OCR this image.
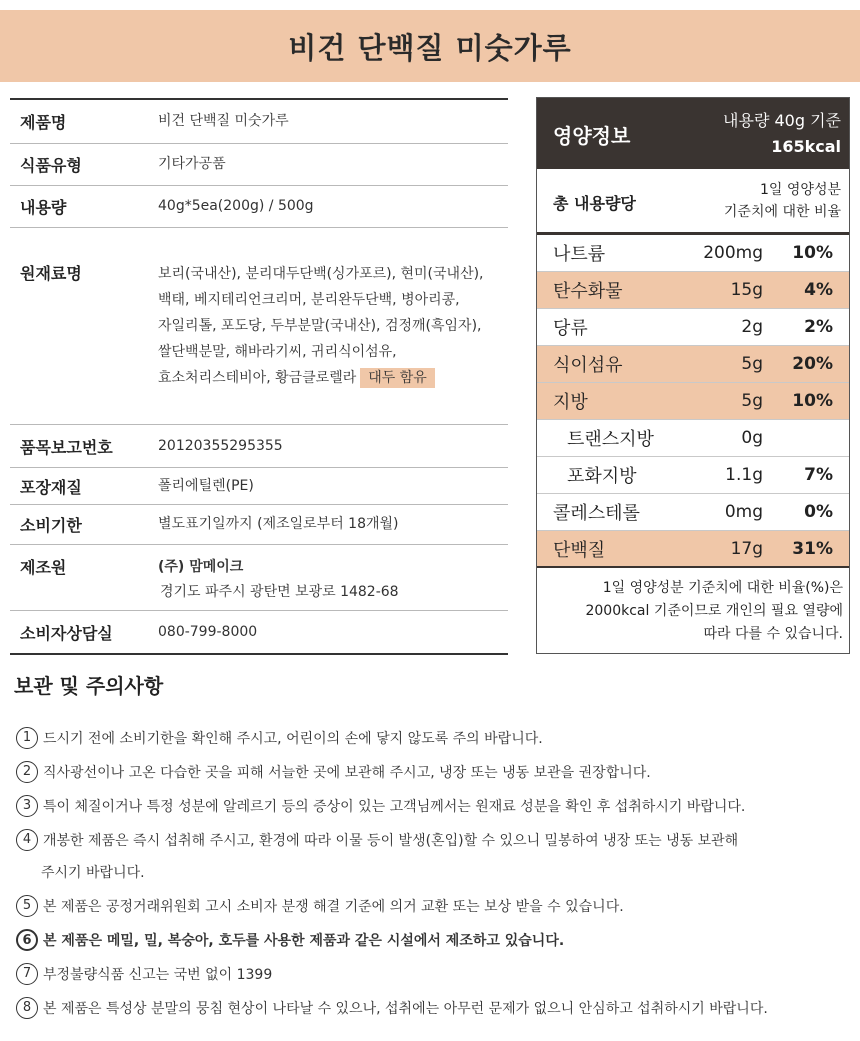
비건 단백질 미숫가루
제품명	비건 단백질 미숫가루
식품유형	기타가공품
내용량	40g*5ea(200g) / 500g
원재료명	보리(국내산), 분리대두단백(싱가포르), 현미(국내산),
백태, 베지테리언크리머, 분리완두단백, 병아리콩,
자일리톨, 포도당, 두부분말(국내산), 검정깨(흑임자),
쌀단백분말, 해바라기씨, 귀리식이섬유,
효소처리스테비아, 황금클로렐라 대두 함유
품목보고번호	20120355295355
포장재질	폴리에틸렌(PE)
소비기한	별도표기일까지 (제조일로부터 18개월)
제조원	(주) 맘메이크
경기도 파주시 광탄면 보광로 1482-68
소비자상담실	080-799-8000
영양정보
내용량 40g 기준
165kcal
총 내용량당
1일 영양성분
기준치에 대한 비율
나트륨	200mg	10%
탄수화물	15g	4%
당류	2g	2%
식이섬유	5g	20%
지방	5g	10%
트랜스지방	0g
포화지방	1.1g	7%
콜레스테롤	0mg	0%
단백질	17g	31%
1일 영양성분 기준치에 대한 비율(%)은
2000kcal 기준이므로 개인의 필요 열량에
따라 다를 수 있습니다.
보관 및 주의사항
1 드시기 전에 소비기한을 확인해 주시고, 어린이의 손에 닿지 않도록 주의 바랍니다.
2 직사광선이나 고온 다습한 곳을 피해 서늘한 곳에 보관해 주시고, 냉장 또는 냉동 보관을 권장합니다.
3 특이 체질이거나 특정 성분에 알레르기 등의 증상이 있는 고객님께서는 원재료 성분을 확인 후 섭취하시기 바랍니다.
4 개봉한 제품은 즉시 섭취해 주시고, 환경에 따라 이물 등이 발생(혼입)할 수 있으니 밀봉하여 냉장 또는 냉동 보관해
주시기 바랍니다.
5 본 제품은 공정거래위원회 고시 소비자 분쟁 해결 기준에 의거 교환 또는 보상 받을 수 있습니다.
6 본 제품은 메밀, 밀, 복숭아, 호두를 사용한 제품과 같은 시설에서 제조하고 있습니다.
7 부정불량식품 신고는 국번 없이 1399
8 본 제품은 특성상 분말의 뭉침 현상이 나타날 수 있으나, 섭취에는 아무런 문제가 없으니 안심하고 섭취하시기 바랍니다.
